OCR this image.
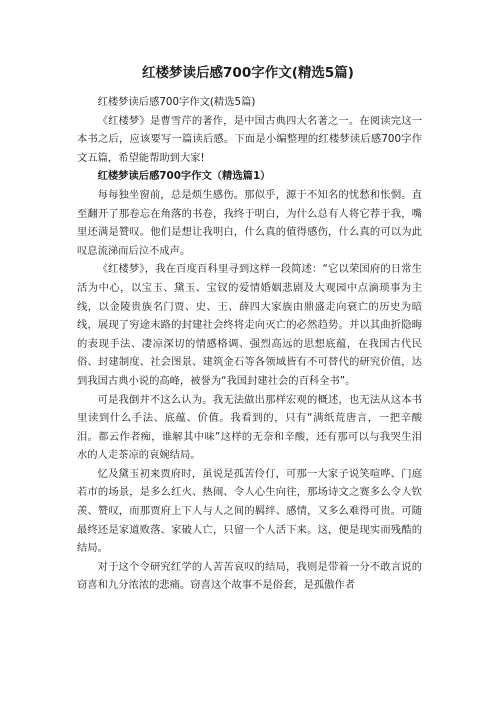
红楼梦读后感700字作文(精选5篇)

红楼梦读后感700字作文(精选5篇)

《红楼梦》是曹雪芹的著作，是中国古典四大名著之一。在阅读完这一本书之后，应该要写一篇读后感。下面是小编整理的红楼梦读后感700字作文五篇，希望能帮助到大家!

红楼梦读后感700字作文（精选篇1）

每每独坐窗前，总是烦生感伤。那似乎，源于不知名的忧愁和怅惘。直至翻开了那卷忘在角落的书卷，我终于明白，为什么总有人将它荐于我，嘴里还满是赞叹。他们是想让我明白，什么真的值得感伤，什么真的可以为此叹息流涕而后泣不成声。

《红楼梦》，我在百度百科里寻到这样一段简述：“它以荣国府的日常生活为中心，以宝玉、黛玉、宝钗的爱情婚姻悲剧及大观园中点滴琐事为主线，以金陵贵族名门贾、史、王、薛四大家族由鼎盛走向衰亡的历史为暗线，展现了穷途末路的封建社会终将走向灭亡的必然趋势。并以其曲折隐晦的表现手法、凄凉深切的情感格调、强烈高远的思想底蕴，在我国古代民俗、封建制度、社会图景、建筑金石等各领域皆有不可替代的研究价值，达到我国古典小说的高峰，被誉为“我国封建社会的百科全书”。

可是我倒并不这么认为。我无法做出那样宏观的概述，也无法从这本书里读到什么手法、底蕴、价值。我看到的，只有“满纸荒唐言，一把辛酸泪。都云作者痴，谁解其中味”这样的无奈和辛酸，还有那可以与我哭生泪水的人走茶凉的哀婉结局。

忆及黛玉初来贾府时，虽说是孤苦伶仃，可那一大家子说笑喧哗、门庭若市的场景，是多么红火、热闹、令人心生向往，那场诗文之赛多么令人钦羡、赞叹，而那贾府上下人与人之间的羁绊、感情，又多么难得可贵。可随最终还是家道败落、家破人亡，只留一个人活下来。这，便是现实而残酷的结局。

对于这个令研究红学的人苦苦哀叹的结局，我则是带着一分不敢言说的窃喜和九分浓浓的悲痛。窃喜这个故事不是俗套，是孤傲作者
